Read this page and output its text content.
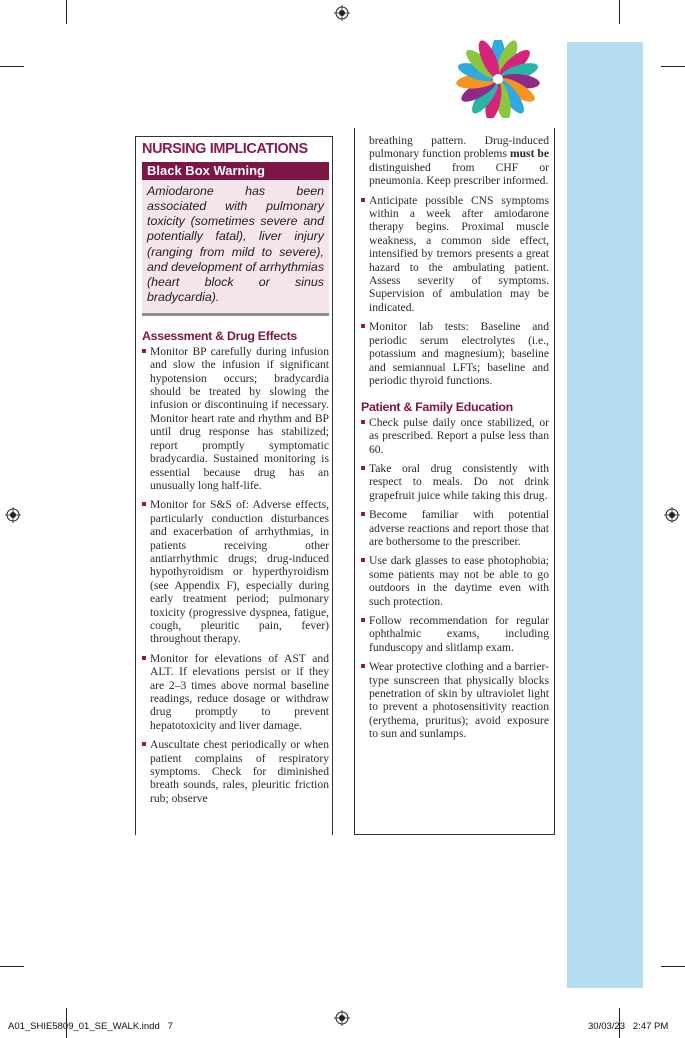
NURSING IMPLICATIONS
Black Box Warning
Amiodarone has been associated with pulmonary toxicity (sometimes severe and potentially fatal), liver injury (ranging from mild to severe), and development of arrhythmias (heart block or sinus bradycardia).
Assessment & Drug Effects
Monitor BP carefully during infusion and slow the infusion if significant hypotension occurs; bradycardia should be treated by slowing the infusion or discontinuing if necessary. Monitor heart rate and rhythm and BP until drug response has stabilized; report promptly symptomatic bradycardia. Sustained monitoring is essential because drug has an unusually long half-life.
Monitor for S&S of: Adverse effects, particularly conduction disturbances and exacerbation of arrhythmias, in patients receiving other antiarrhythmic drugs; drug-induced hypothyroidism or hyperthyroidism (see Appendix F), especially during early treatment period; pulmonary toxicity (progressive dyspnea, fatigue, cough, pleuritic pain, fever) throughout therapy.
Monitor for elevations of AST and ALT. If elevations persist or if they are 2–3 times above normal baseline readings, reduce dosage or withdraw drug promptly to prevent hepatotoxicity and liver damage.
Auscultate chest periodically or when patient complains of respiratory symptoms. Check for diminished breath sounds, rales, pleuritic friction rub; observe
breathing pattern. Drug-induced pulmonary function problems must be distinguished from CHF or pneumonia. Keep prescriber informed.
Anticipate possible CNS symptoms within a week after amiodarone therapy begins. Proximal muscle weakness, a common side effect, intensified by tremors presents a great hazard to the ambulating patient. Assess severity of symptoms. Supervision of ambulation may be indicated.
Monitor lab tests: Baseline and periodic serum electrolytes (i.e., potassium and magnesium); baseline and semiannual LFTs; baseline and periodic thyroid functions.
Patient & Family Education
Check pulse daily once stabilized, or as prescribed. Report a pulse less than 60.
Take oral drug consistently with respect to meals. Do not drink grapefruit juice while taking this drug.
Become familiar with potential adverse reactions and report those that are bothersome to the prescriber.
Use dark glasses to ease photophobia; some patients may not be able to go outdoors in the daytime even with such protection.
Follow recommendation for regular ophthalmic exams, including funduscopy and slitlamp exam.
Wear protective clothing and a barrier-type sunscreen that physically blocks penetration of skin by ultraviolet light to prevent a photosensitivity reaction (erythema, pruritus); avoid exposure to sun and sunlamps.
A01_SHIE5809_01_SE_WALK.indd   7	30/03/23   2:47 PM
